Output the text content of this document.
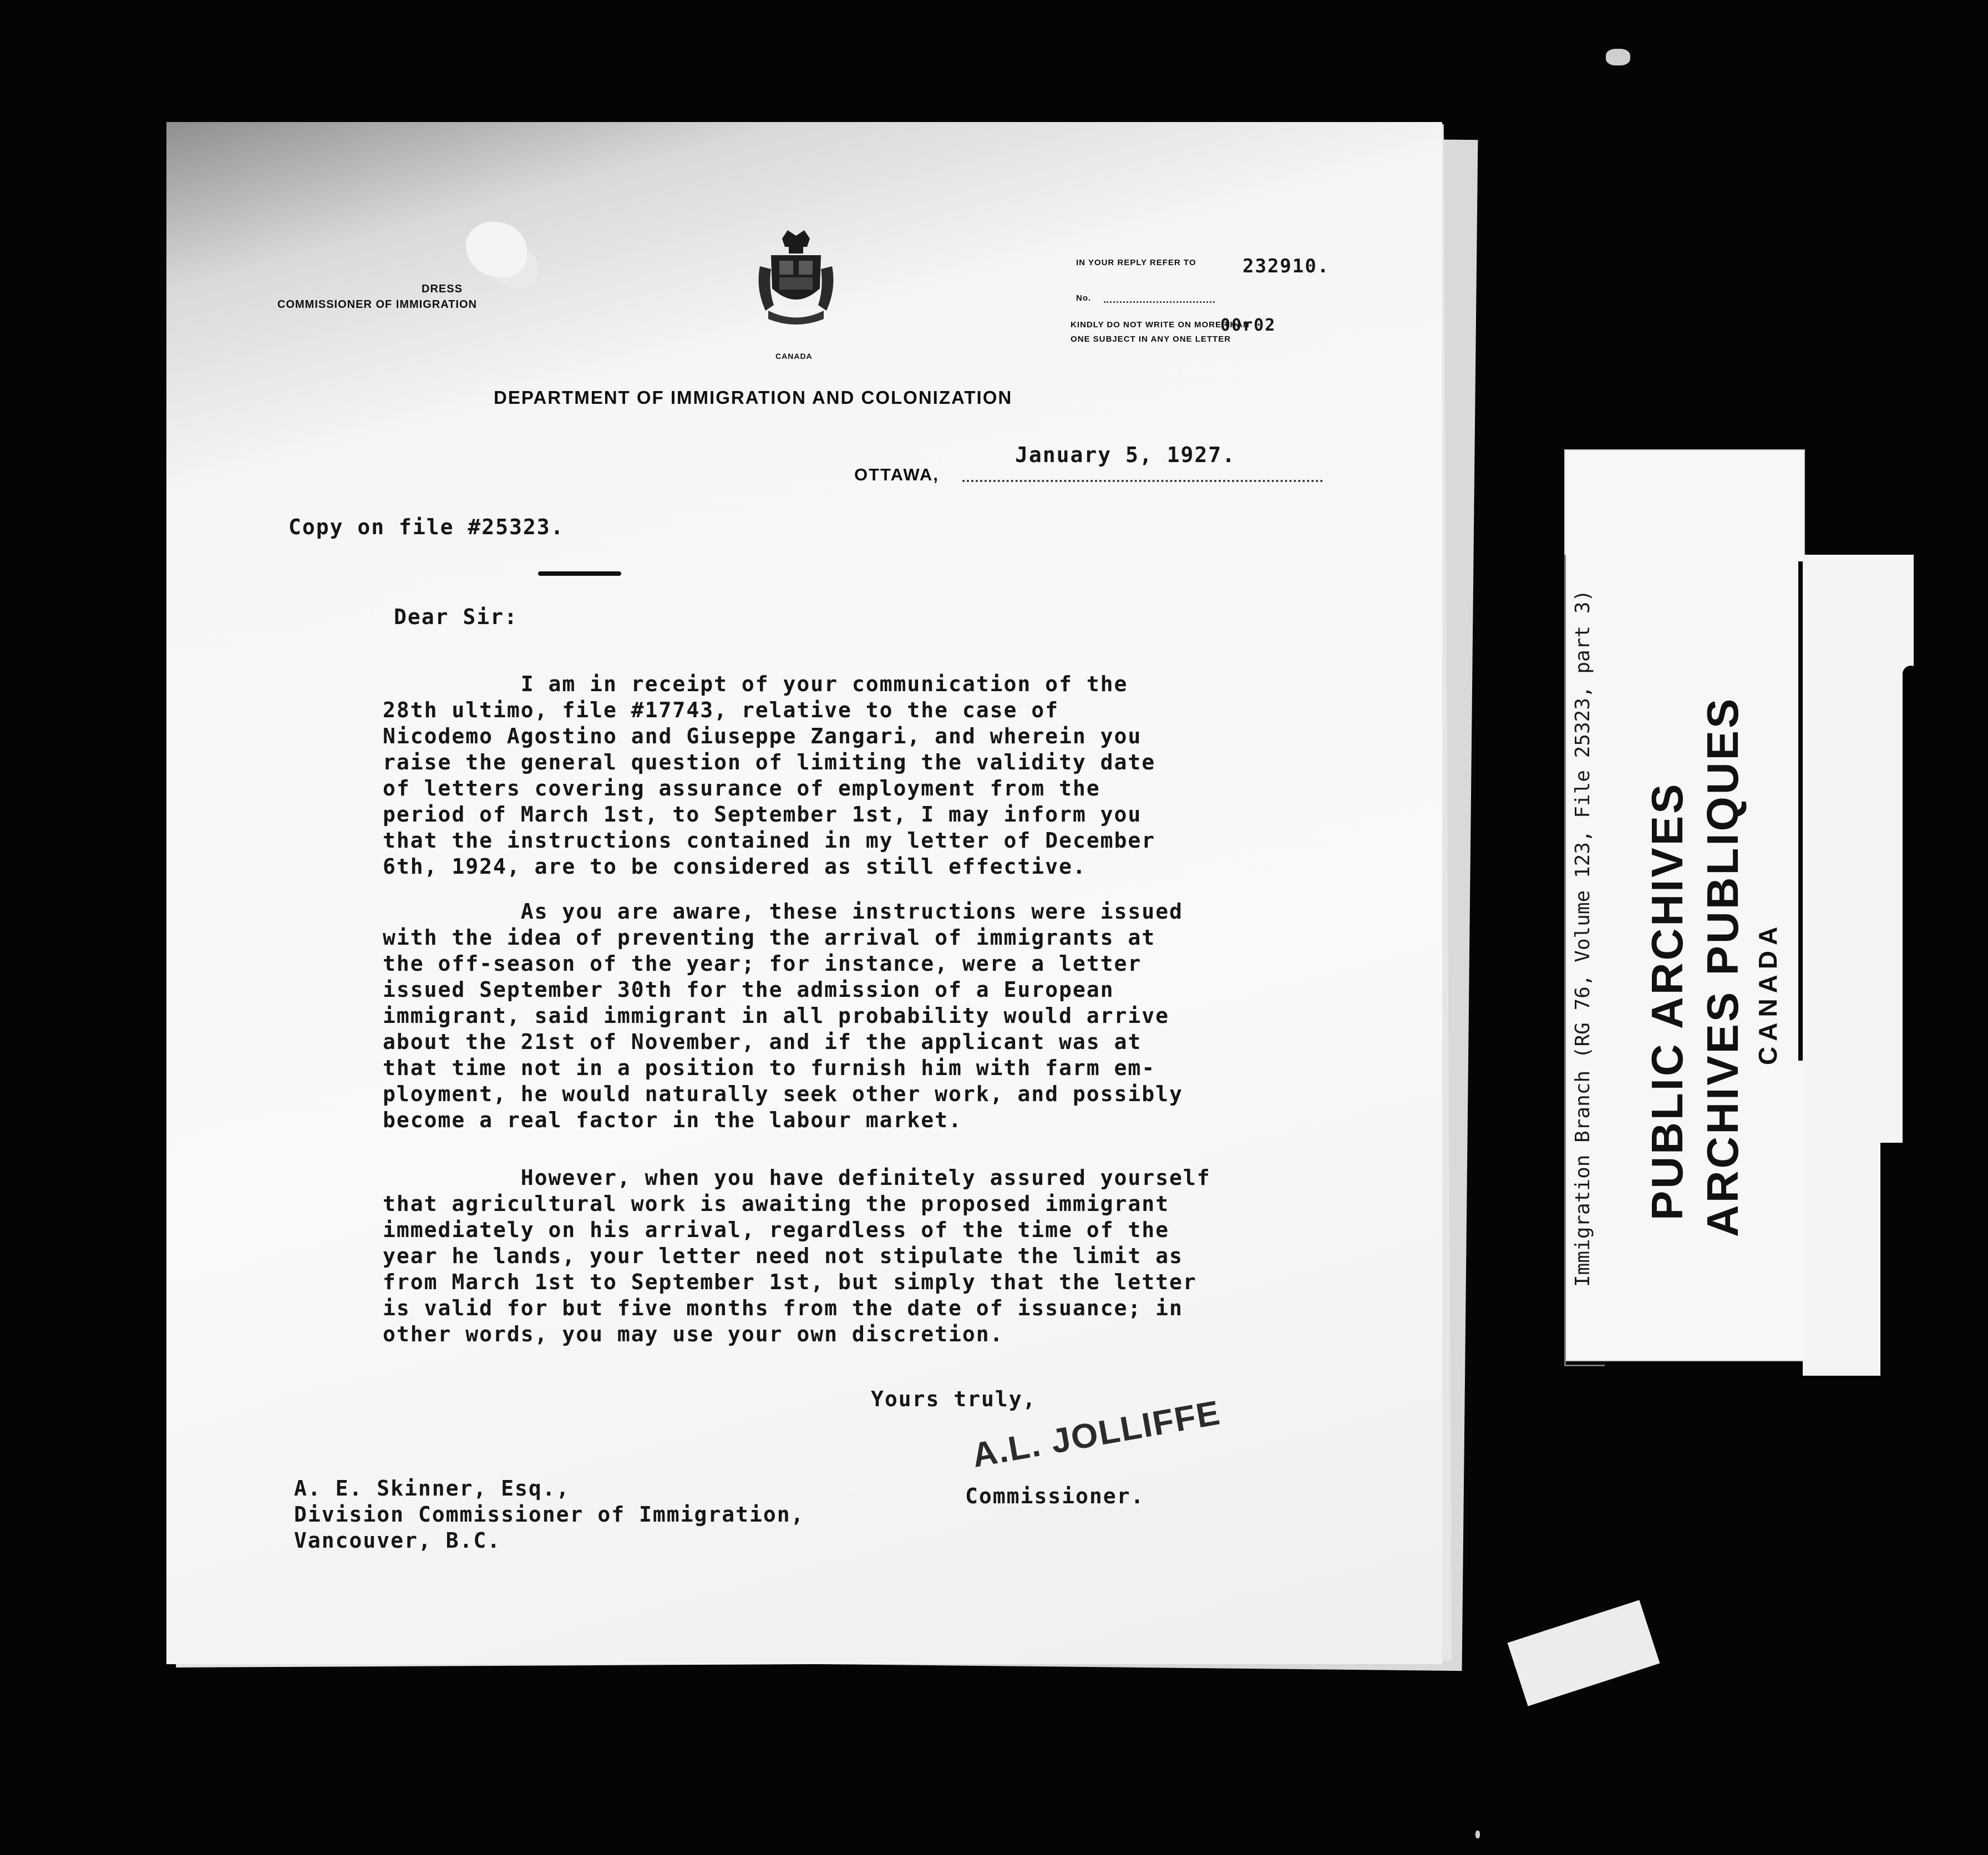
DRESS
COMMISSIONER OF IMMIGRATION
CANADA
IN YOUR REPLY REFER TO 232910.
No.
00r02
KINDLY DO NOT WRITE ON MORE THAN
ONE SUBJECT IN ANY ONE LETTER
DEPARTMENT OF IMMIGRATION AND COLONIZATION
OTTAWA,
January 5, 1927.
Copy on file #25323.
Dear Sir:
I am in receipt of your communication of the
28th ultimo, file #17743, relative to the case of
Nicodemo Agostino and Giuseppe Zangari, and wherein you
raise the general question of limiting the validity date
of letters covering assurance of employment from the
period of March 1st, to September 1st, I may inform you
that the instructions contained in my letter of December
6th, 1924, are to be considered as still effective.
As you are aware, these instructions were issued
with the idea of preventing the arrival of immigrants at
the off-season of the year; for instance, were a letter
issued September 30th for the admission of a European
immigrant, said immigrant in all probability would arrive
about the 21st of November, and if the applicant was at
that time not in a position to furnish him with farm em-
ployment, he would naturally seek other work, and possibly
become a real factor in the labour market.
However, when you have definitely assured yourself
that agricultural work is awaiting the proposed immigrant
immediately on his arrival, regardless of the time of the
year he lands, your letter need not stipulate the limit as
from March 1st to September 1st, but simply that the letter
is valid for but five months from the date of issuance; in
other words, you may use your own discretion.
Yours truly,
A.L. JOLLIFFE
Commissioner.
A. E. Skinner, Esq.,
Division Commissioner of Immigration,
Vancouver, B.C.
Immigration Branch (RG 76, Volume 123, File 25323, part 3) PUBLIC ARCHIVES ARCHIVES PUBLIQUES CANADA
